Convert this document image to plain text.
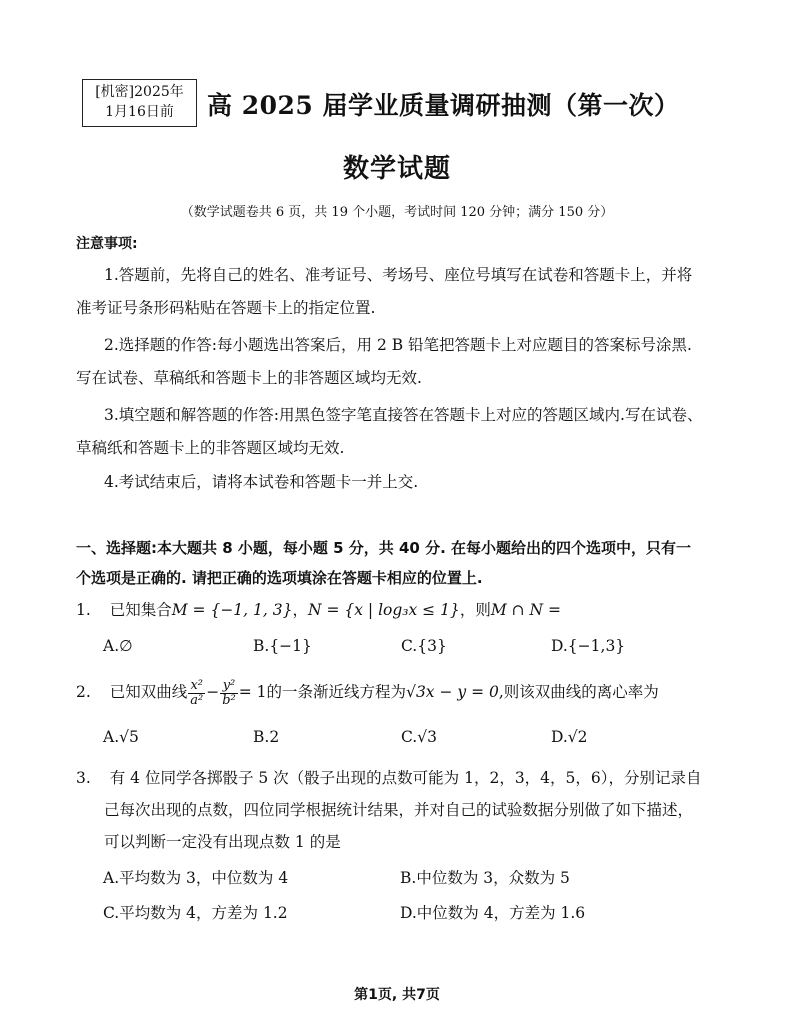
[机密]2025年
1月16日前	高 2025 届学业质量调研抽测（第一次）
数学试题
（数学试题卷共 6 页，共 19 个小题，考试时间 120 分钟；满分 150 分）
注意事项:
1.答题前，先将自己的姓名、准考证号、考场号、座位号填写在试卷和答题卡上，并将
准考证号条形码粘贴在答题卡上的指定位置.
2.选择题的作答:每小题选出答案后，用 2 B 铅笔把答题卡上对应题目的答案标号涂黑.
写在试卷、草稿纸和答题卡上的非答题区域均无效.
3.填空题和解答题的作答:用黑色签字笔直接答在答题卡上对应的答题区域内.写在试卷、
草稿纸和答题卡上的非答题区域均无效.
4.考试结束后，请将本试卷和答题卡一并上交.
一、选择题:本大题共 8 小题，每小题 5 分，共 40 分. 在每小题给出的四个选项中，只有一
个选项是正确的. 请把正确的选项填涂在答题卡相应的位置上.
1. 已知集合M = {−1, 1, 3}，N = {x | log₃x ≤ 1}，则M ∩ N =
A.∅	B.{−1}	C.{3}	D.{−1,3}
2. 已知双曲线 $\frac{\text{x²}}{\text{a²}} - \frac{\text{y²}}{\text{b²}} = 1$的一条渐近线方程为√3x − y = 0,则该双曲线的离心率为
A.√5	B.2	C.√3	D.√2
3. 有 4 位同学各掷骰子 5 次（骰子出现的点数可能为 1，2，3，4，5，6），分别记录自
己每次出现的点数，四位同学根据统计结果，并对自己的试验数据分别做了如下描述，
可以判断一定没有出现点数 1 的是
A.平均数为 3，中位数为 4	B.中位数为 3，众数为 5
C.平均数为 4，方差为 1.2	D.中位数为 4，方差为 1.6
第1页, 共7页
